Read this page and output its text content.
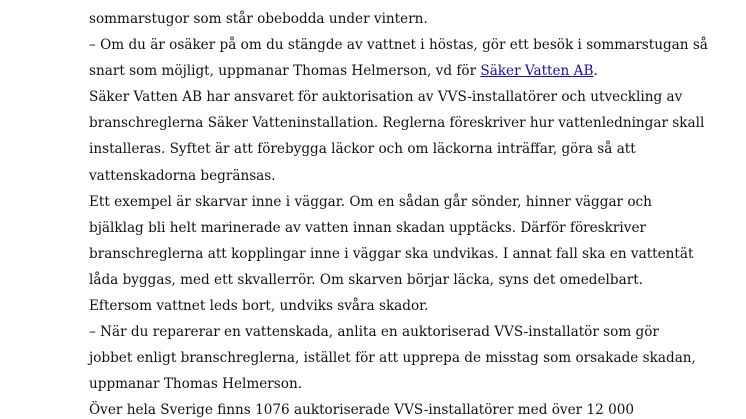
sommarstugor som står obebodda under vintern.
– Om du är osäker på om du stängde av vattnet i höstas, gör ett besök i sommarstugan så
snart som möjligt, uppmanar Thomas Helmerson, vd för Säker Vatten AB.
Säker Vatten AB har ansvaret för auktorisation av VVS-installatörer och utveckling av
branschreglerna Säker Vatteninstallation. Reglerna föreskriver hur vattenledningar skall
installeras. Syftet är att förebygga läckor och om läckorna inträffar, göra så att
vattenskadorna begränsas.
Ett exempel är skarvar inne i väggar. Om en sådan går sönder, hinner väggar och
bjälklag bli helt marinerade av vatten innan skadan upptäcks. Därför föreskriver
branschreglerna att kopplingar inne i väggar ska undvikas. I annat fall ska en vattentät
låda byggas, med ett skvallerrör. Om skarven börjar läcka, syns det omedelbart.
Eftersom vattnet leds bort, undviks svåra skador.
– När du reparerar en vattenskada, anlita en auktoriserad VVS-installatör som gör
jobbet enligt branschreglerna, istället för att upprepa de misstag som orsakade skadan,
uppmanar Thomas Helmerson.
Över hela Sverige finns 1076 auktoriserade VVS-installatörer med över 12 000
